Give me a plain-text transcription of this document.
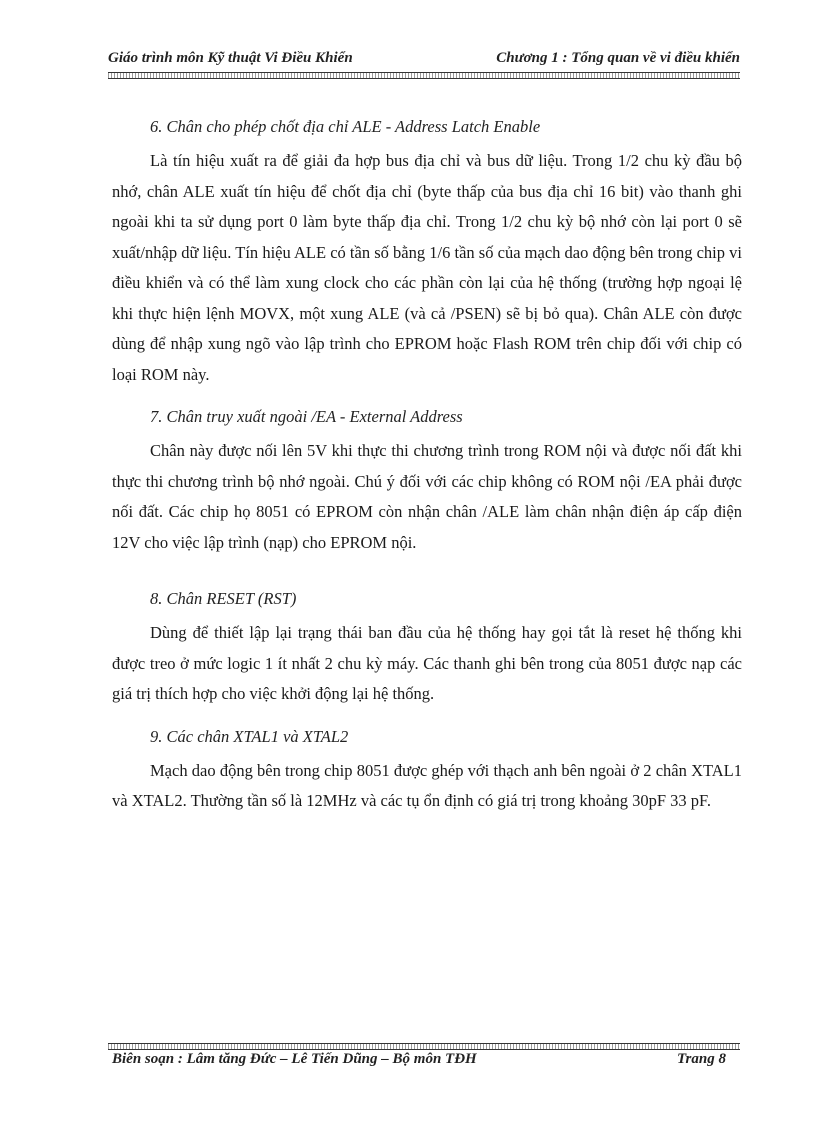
Giáo trình môn Kỹ thuật Vi Điều Khiển	Chương 1 : Tổng quan về vi điều khiển

6. Chân cho phép chốt địa chỉ ALE - Address Latch Enable

Là tín hiệu xuất ra để giải đa hợp bus địa chỉ và bus dữ liệu. Trong 1/2 chu kỳ đầu bộ nhớ, chân ALE xuất tín hiệu để chốt địa chỉ (byte thấp của bus địa chỉ 16 bit) vào thanh ghi ngoài khi ta sử dụng port 0 làm byte thấp địa chỉ. Trong 1/2 chu kỳ bộ nhớ còn lại port 0 sẽ xuất/nhập dữ liệu. Tín hiệu ALE có tần số bằng 1/6 tần số của mạch dao động bên trong chip vi điều khiển và có thể làm xung clock cho các phần còn lại của hệ thống (trường hợp ngoại lệ khi thực hiện lệnh MOVX, một xung ALE (và cả /PSEN) sẽ bị bỏ qua). Chân ALE còn được dùng để nhập xung ngõ vào lập trình cho EPROM hoặc Flash ROM trên chip đối với chip có loại ROM này.

7. Chân truy xuất ngoài /EA - External Address

Chân này được nối lên 5V khi thực thi chương trình trong ROM nội và được nối đất khi thực thi chương trình bộ nhớ ngoài. Chú ý đối với các chip không có ROM nội /EA phải được nối đất. Các chip họ 8051 có EPROM còn nhận chân /ALE làm chân nhận điện áp cấp điện 12V cho việc lập trình (nạp) cho EPROM nội.

8. Chân RESET (RST)

Dùng để thiết lập lại trạng thái ban đầu của hệ thống hay gọi tắt là reset hệ thống khi được treo ở mức logic 1 ít nhất 2 chu kỳ máy. Các thanh ghi bên trong của 8051 được nạp các giá trị thích hợp cho việc khởi động lại hệ thống.

9. Các chân XTAL1 và XTAL2

Mạch dao động bên trong chip 8051 được ghép với thạch anh bên ngoài ở 2 chân XTAL1 và XTAL2. Thường tần số là 12MHz và các tụ ổn định có giá trị trong khoảng 30pF 33 pF.

Biên soạn : Lâm tăng Đức – Lê Tiến Dũng – Bộ môn TĐH	Trang 8
